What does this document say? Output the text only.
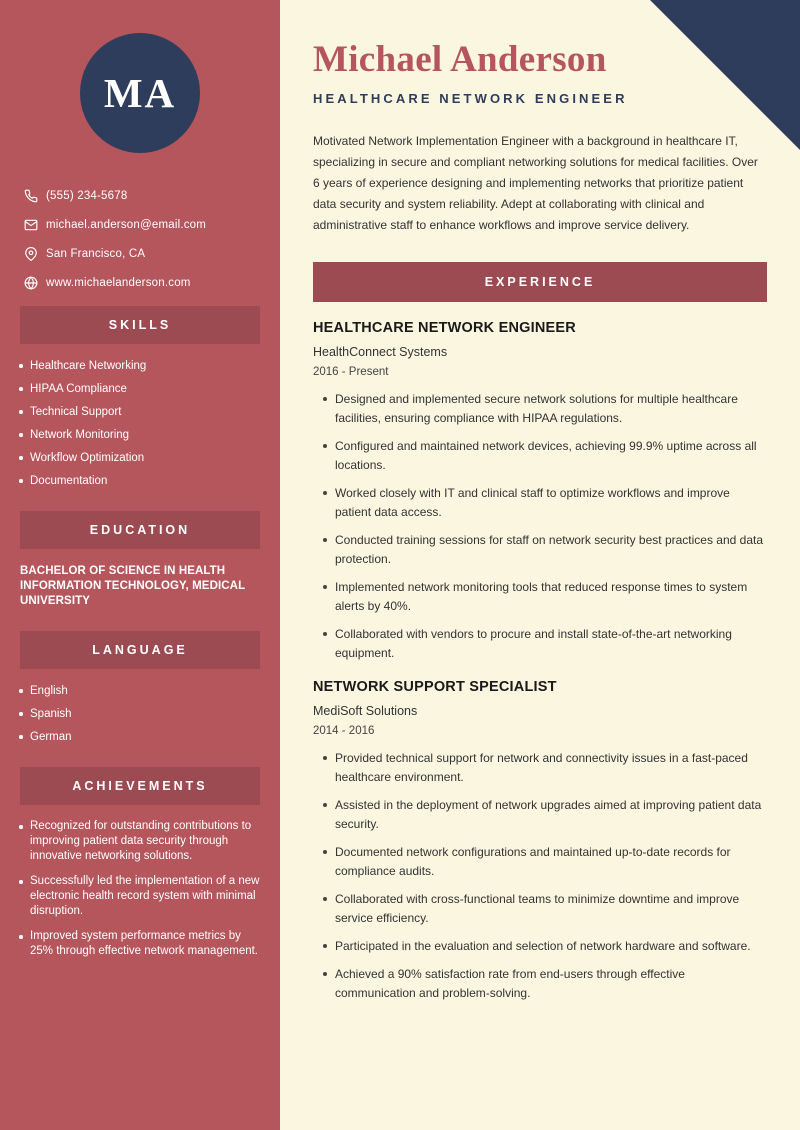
MA
(555) 234-5678
michael.anderson@email.com
San Francisco, CA
www.michaelanderson.com
SKILLS
Healthcare Networking
HIPAA Compliance
Technical Support
Network Monitoring
Workflow Optimization
Documentation
EDUCATION
BACHELOR OF SCIENCE IN HEALTH INFORMATION TECHNOLOGY, MEDICAL UNIVERSITY
LANGUAGE
English
Spanish
German
ACHIEVEMENTS
Recognized for outstanding contributions to improving patient data security through innovative networking solutions.
Successfully led the implementation of a new electronic health record system with minimal disruption.
Improved system performance metrics by 25% through effective network management.
Michael Anderson
HEALTHCARE NETWORK ENGINEER
Motivated Network Implementation Engineer with a background in healthcare IT, specializing in secure and compliant networking solutions for medical facilities. Over 6 years of experience designing and implementing networks that prioritize patient data security and system reliability. Adept at collaborating with clinical and administrative staff to enhance workflows and improve service delivery.
EXPERIENCE
HEALTHCARE NETWORK ENGINEER
HealthConnect Systems
2016 - Present
Designed and implemented secure network solutions for multiple healthcare facilities, ensuring compliance with HIPAA regulations.
Configured and maintained network devices, achieving 99.9% uptime across all locations.
Worked closely with IT and clinical staff to optimize workflows and improve patient data access.
Conducted training sessions for staff on network security best practices and data protection.
Implemented network monitoring tools that reduced response times to system alerts by 40%.
Collaborated with vendors to procure and install state-of-the-art networking equipment.
NETWORK SUPPORT SPECIALIST
MediSoft Solutions
2014 - 2016
Provided technical support for network and connectivity issues in a fast-paced healthcare environment.
Assisted in the deployment of network upgrades aimed at improving patient data security.
Documented network configurations and maintained up-to-date records for compliance audits.
Collaborated with cross-functional teams to minimize downtime and improve service efficiency.
Participated in the evaluation and selection of network hardware and software.
Achieved a 90% satisfaction rate from end-users through effective communication and problem-solving.
